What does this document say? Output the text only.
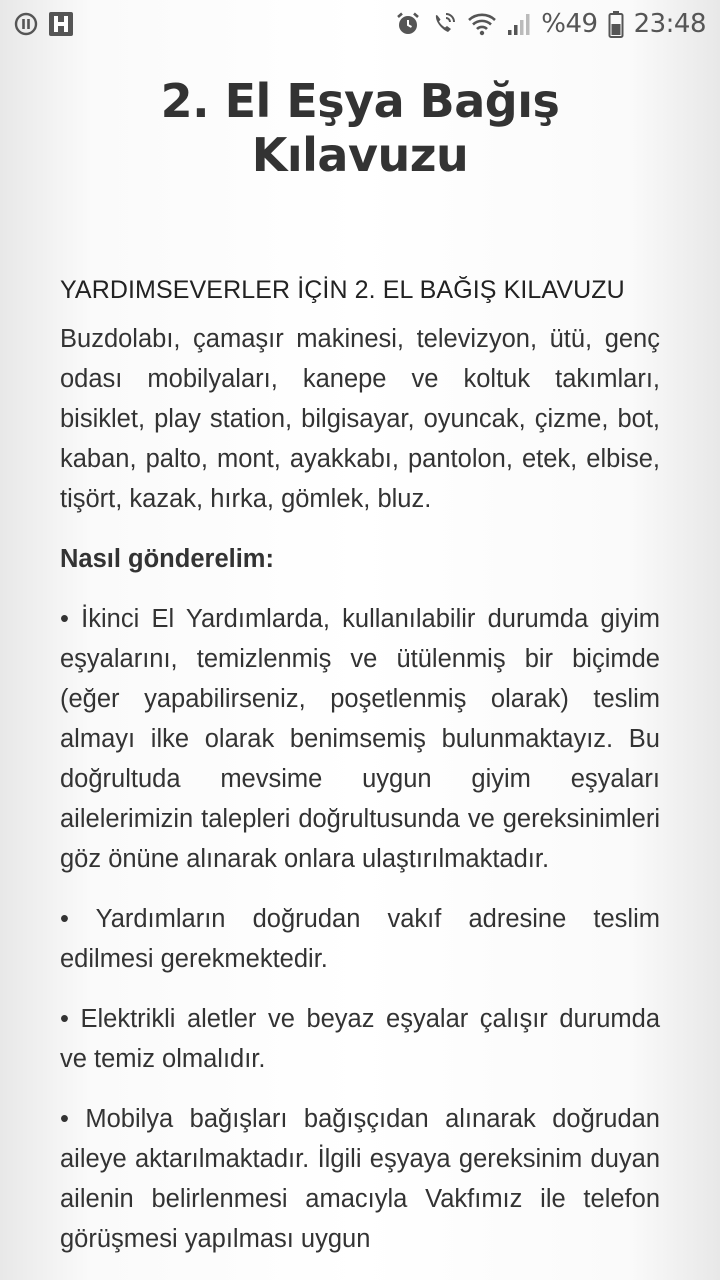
%49 23:48
2. El Eşya Bağış Kılavuzu
YARDIMSEVERLER İÇİN 2. EL BAĞIŞ KILAVUZU

Buzdolabı, çamaşır makinesi, televizyon, ütü, genç odası mobilyaları, kanepe ve koltuk takımları, bisiklet, play station, bilgisayar, oyuncak, çizme, bot, kaban, palto, mont, ayakkabı, pantolon, etek, elbise, tişört, kazak, hırka, gömlek, bluz.

Nasıl gönderelim:

• İkinci El Yardımlarda, kullanılabilir durumda giyim eşyalarını, temizlenmiş ve ütülenmiş bir biçimde (eğer yapabilirseniz, poşetlenmiş olarak) teslim almayı ilke olarak benimsemiş bulunmaktayız. Bu doğrultuda mevsime uygun giyim eşyaları ailelerimizin talepleri doğrultusunda ve gereksinimleri göz önüne alınarak onlara ulaştırılmaktadır.

• Yardımların doğrudan vakıf adresine teslim edilmesi gerekmektedir.

• Elektrikli aletler ve beyaz eşyalar çalışır durumda ve temiz olmalıdır.

• Mobilya bağışları bağışçıdan alınarak doğrudan aileye aktarılmaktadır. İlgili eşyaya gereksinim duyan ailenin belirlenmesi amacıyla Vakfımız ile telefon görüşmesi yapılması uygun
